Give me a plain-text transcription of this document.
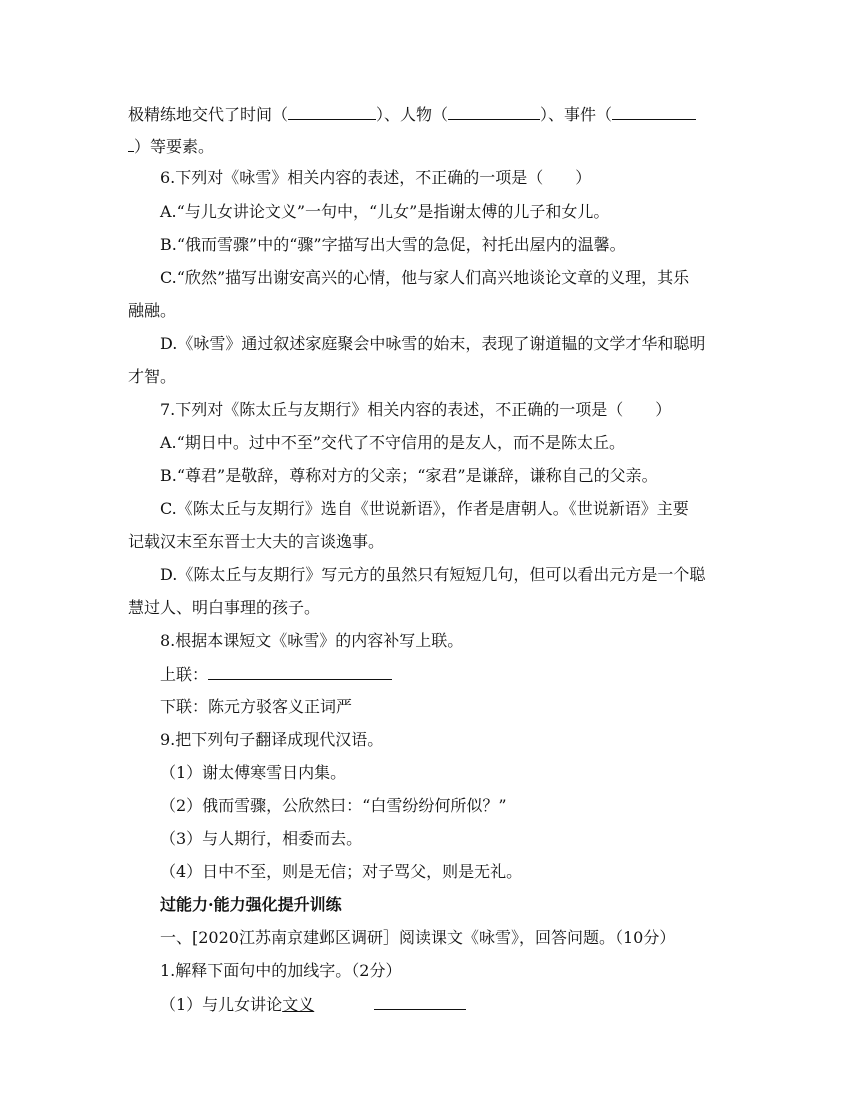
极精练地交代了时间（	）、人物（	）、事件（
）等要素。
6.下列对《咏雪》相关内容的表述，不正确的一项是（　　）
A.“与儿女讲论文义”一句中，“儿女”是指谢太傅的儿子和女儿。
B.“俄而雪骤”中的“骤”字描写出大雪的急促，衬托出屋内的温馨。
C.“欣然”描写出谢安高兴的心情，他与家人们高兴地谈论文章的义理，其乐
融融。
D.《咏雪》通过叙述家庭聚会中咏雪的始末，表现了谢道韫的文学才华和聪明
才智。
7.下列对《陈太丘与友期行》相关内容的表述，不正确的一项是（　　）
A.“期日中。过中不至”交代了不守信用的是友人，而不是陈太丘。
B.“尊君”是敬辞，尊称对方的父亲；“家君”是谦辞，谦称自己的父亲。
C.《陈太丘与友期行》选自《世说新语》，作者是唐朝人。《世说新语》主要
记载汉末至东晋士大夫的言谈逸事。
D.《陈太丘与友期行》写元方的虽然只有短短几句，但可以看出元方是一个聪
慧过人、明白事理的孩子。
8.根据本课短文《咏雪》的内容补写上联。
上联：
下联：陈元方驳客义正词严
9.把下列句子翻译成现代汉语。
（1）谢太傅寒雪日内集。
（2）俄而雪骤，公欣然曰：“白雪纷纷何所似？”
（3）与人期行，相委而去。
（4）日中不至，则是无信；对子骂父，则是无礼。
过能力·能力强化提升训练
一、[2020江苏南京建邺区调研］阅读课文《咏雪》，回答问题。（10分）
1.解释下面句中的加线字。（2分）
（1）与儿女讲论文义
